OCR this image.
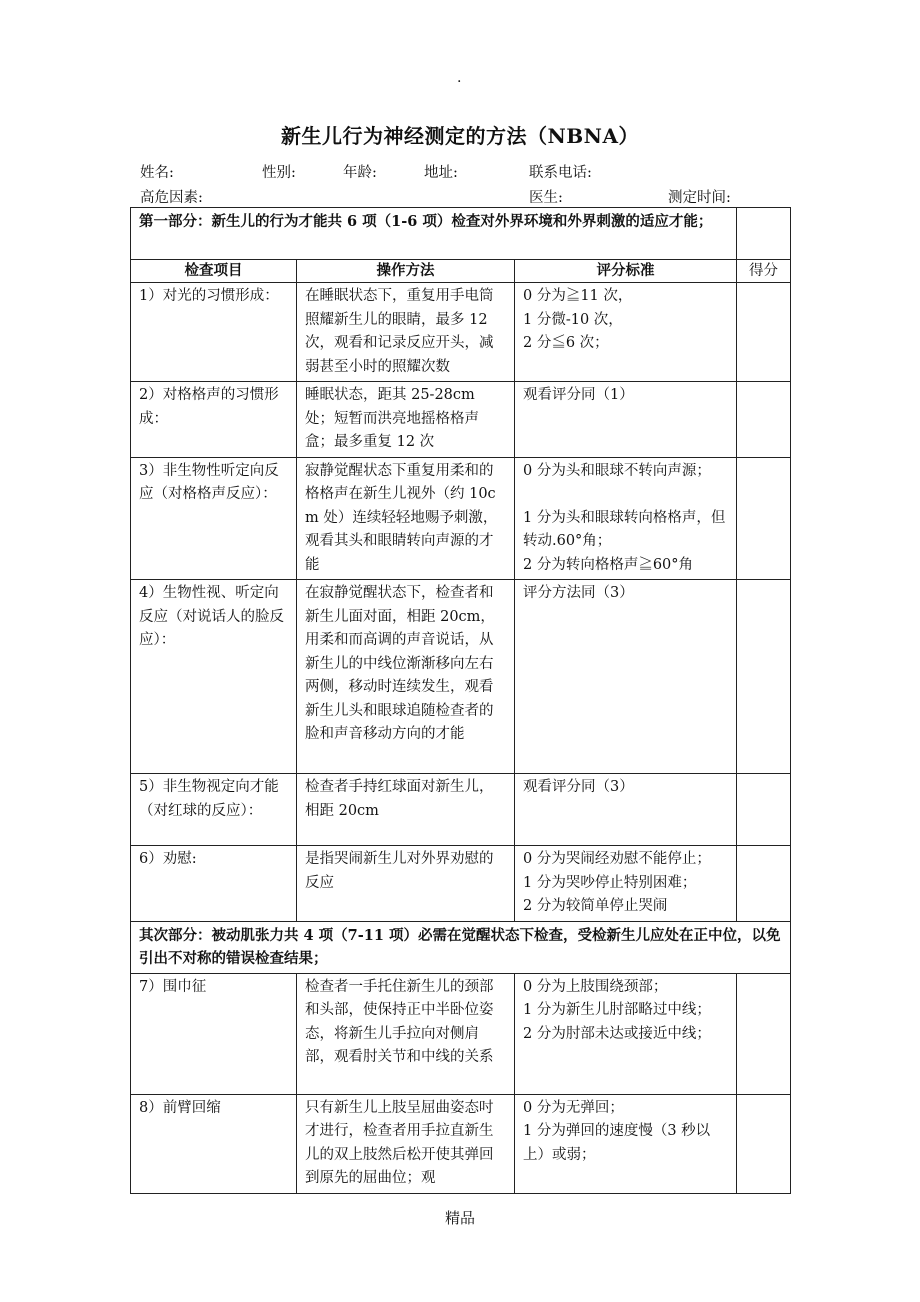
.
新生儿行为神经测定的方法（NBNA）
姓名:	性别:	年龄:	地址:	联系电话:
高危因素:	医生:	测定时间:
第一部分：新生儿的行为才能共 6 项（1-6 项）检查对外界环境和外界刺激的适应才能；			
检查项目	操作方法	评分标准	得分
1）对光的习惯形成：	在睡眠状态下，重复用手电筒照耀新生儿的眼睛，最多 12 次，观看和记录反应开头，减弱甚至小时的照耀次数	0 分为≧11 次，
1 分微-10 次，
2 分≦6 次；	

2）对格格声的习惯形成：	睡眠状态，距其 25-28cm 处；短暂而洪亮地摇格格声盒；最多重复 12 次	观看评分同（1）	

3）非生物性听定向反应（对格格声反应）：	寂静觉醒状态下重复用柔和的格格声在新生儿视外（约 10cm 处）连续轻轻地赐予刺激，观看其头和眼睛转向声源的才能	0 分为头和眼球不转向声源；
1 分为头和眼球转向格格声，但转动.60°角；
2 分为转向格格声≧60°角	

4）生物性视、听定向反应（对说话人的脸反应）：	在寂静觉醒状态下，检查者和新生儿面对面，相距 20cm，用柔和而高调的声音说话，从新生儿的中线位渐渐移向左右两侧，移动时连续发生，观看新生儿头和眼球追随检查者的脸和声音移动方向的才能	评分方法同（3）	

5）非生物视定向才能（对红球的反应）：	检查者手持红球面对新生儿，相距 20cm	观看评分同（3）	

6）劝慰:	是指哭闹新生儿对外界劝慰的反应	0 分为哭闹经劝慰不能停止；
1 分为哭吵停止特别困难；
2 分为较简单停止哭闹	

其次部分：被动肌张力共 4 项（7-11 项）必需在觉醒状态下检查，受检新生儿应处在正中位，以免引出不对称的错误检查结果；			
7）围巾征	检查者一手托住新生儿的颈部和头部，使保持正中半卧位姿态，将新生儿手拉向对侧肩部，观看肘关节和中线的关系	0 分为上肢围绕颈部；
1 分为新生儿肘部略过中线；
2 分为肘部未达或接近中线；	

8）前臂回缩	只有新生儿上肢呈屈曲姿态吋才进行，检查者用手拉直新生儿的双上肢然后松开使其弹回到原先的屈曲位；观	0 分为无弹回；
1 分为弹回的速度慢（3 秒以上）或弱；	

精品
